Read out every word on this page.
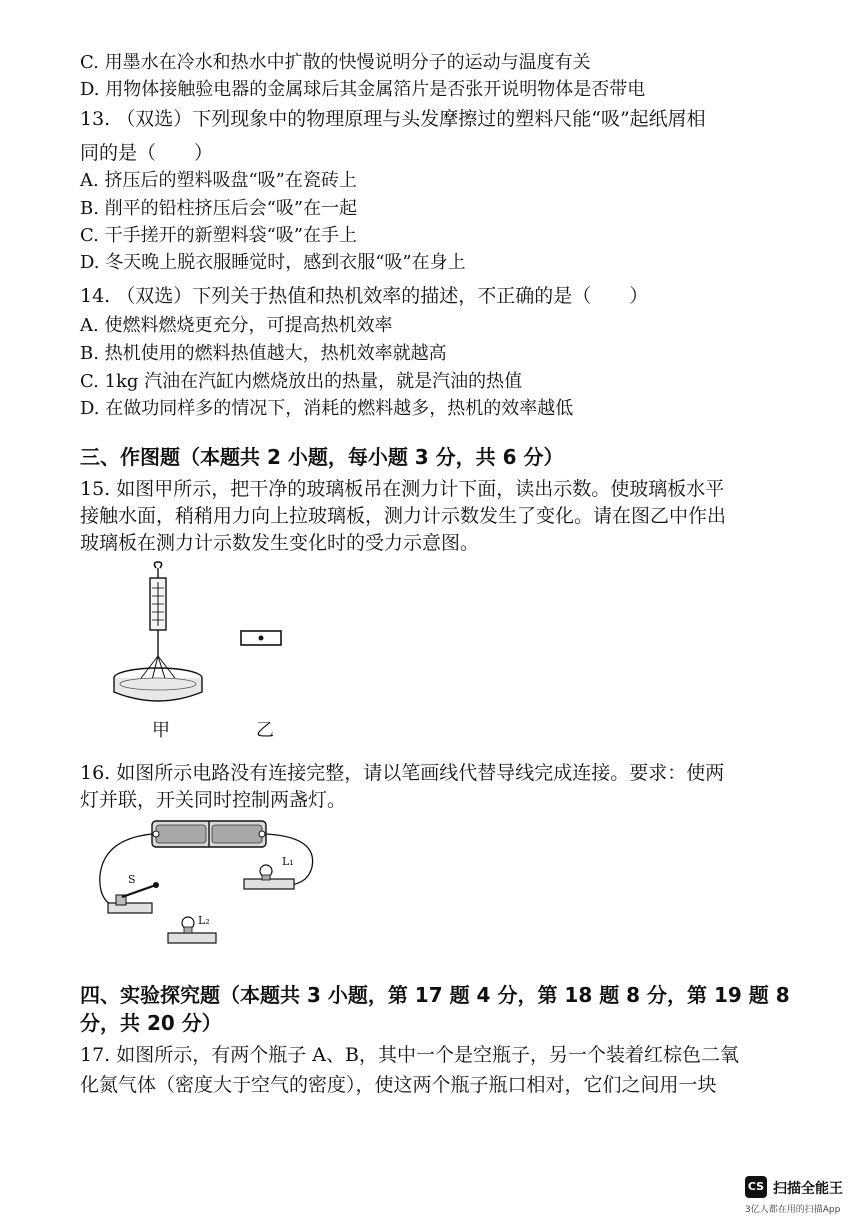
C. 用墨水在冷水和热水中扩散的快慢说明分子的运动与温度有关
D. 用物体接触验电器的金属球后其金属箔片是否张开说明物体是否带电
13. （双选）下列现象中的物理原理与头发摩擦过的塑料尺能“吸”起纸屑相
同的是（　　）
A. 挤压后的塑料吸盘“吸”在瓷砖上
B. 削平的铅柱挤压后会“吸”在一起
C. 干手搓开的新塑料袋“吸”在手上
D. 冬天晚上脱衣服睡觉时，感到衣服“吸”在身上
14. （双选）下列关于热值和热机效率的描述，不正确的是（　　）
A. 使燃料燃烧更充分，可提高热机效率
B. 热机使用的燃料热值越大，热机效率就越高
C. 1kg 汽油在汽缸内燃烧放出的热量，就是汽油的热值
D. 在做功同样多的情况下，消耗的燃料越多，热机的效率越低
三、作图题（本题共 2 小题，每小题 3 分，共 6 分）
15. 如图甲所示，把干净的玻璃板吊在测力计下面，读出示数。使玻璃板水平
接触水面，稍稍用力向上拉玻璃板，测力计示数发生了变化。请在图乙中作出
玻璃板在测力计示数发生变化时的受力示意图。
甲	乙
16. 如图所示电路没有连接完整，请以笔画线代替导线完成连接。要求：使两
灯并联，开关同时控制两盏灯。
S
L₁
L₂
四、实验探究题（本题共 3 小题，第 17 题 4 分，第 18 题 8 分，第 19 题 8
分，共 20 分）
17. 如图所示，有两个瓶子 A、B，其中一个是空瓶子，另一个装着红棕色二氧
化氮气体（密度大于空气的密度），使这两个瓶子瓶口相对，它们之间用一块
CS 扫描全能王
3亿人都在用的扫描App
